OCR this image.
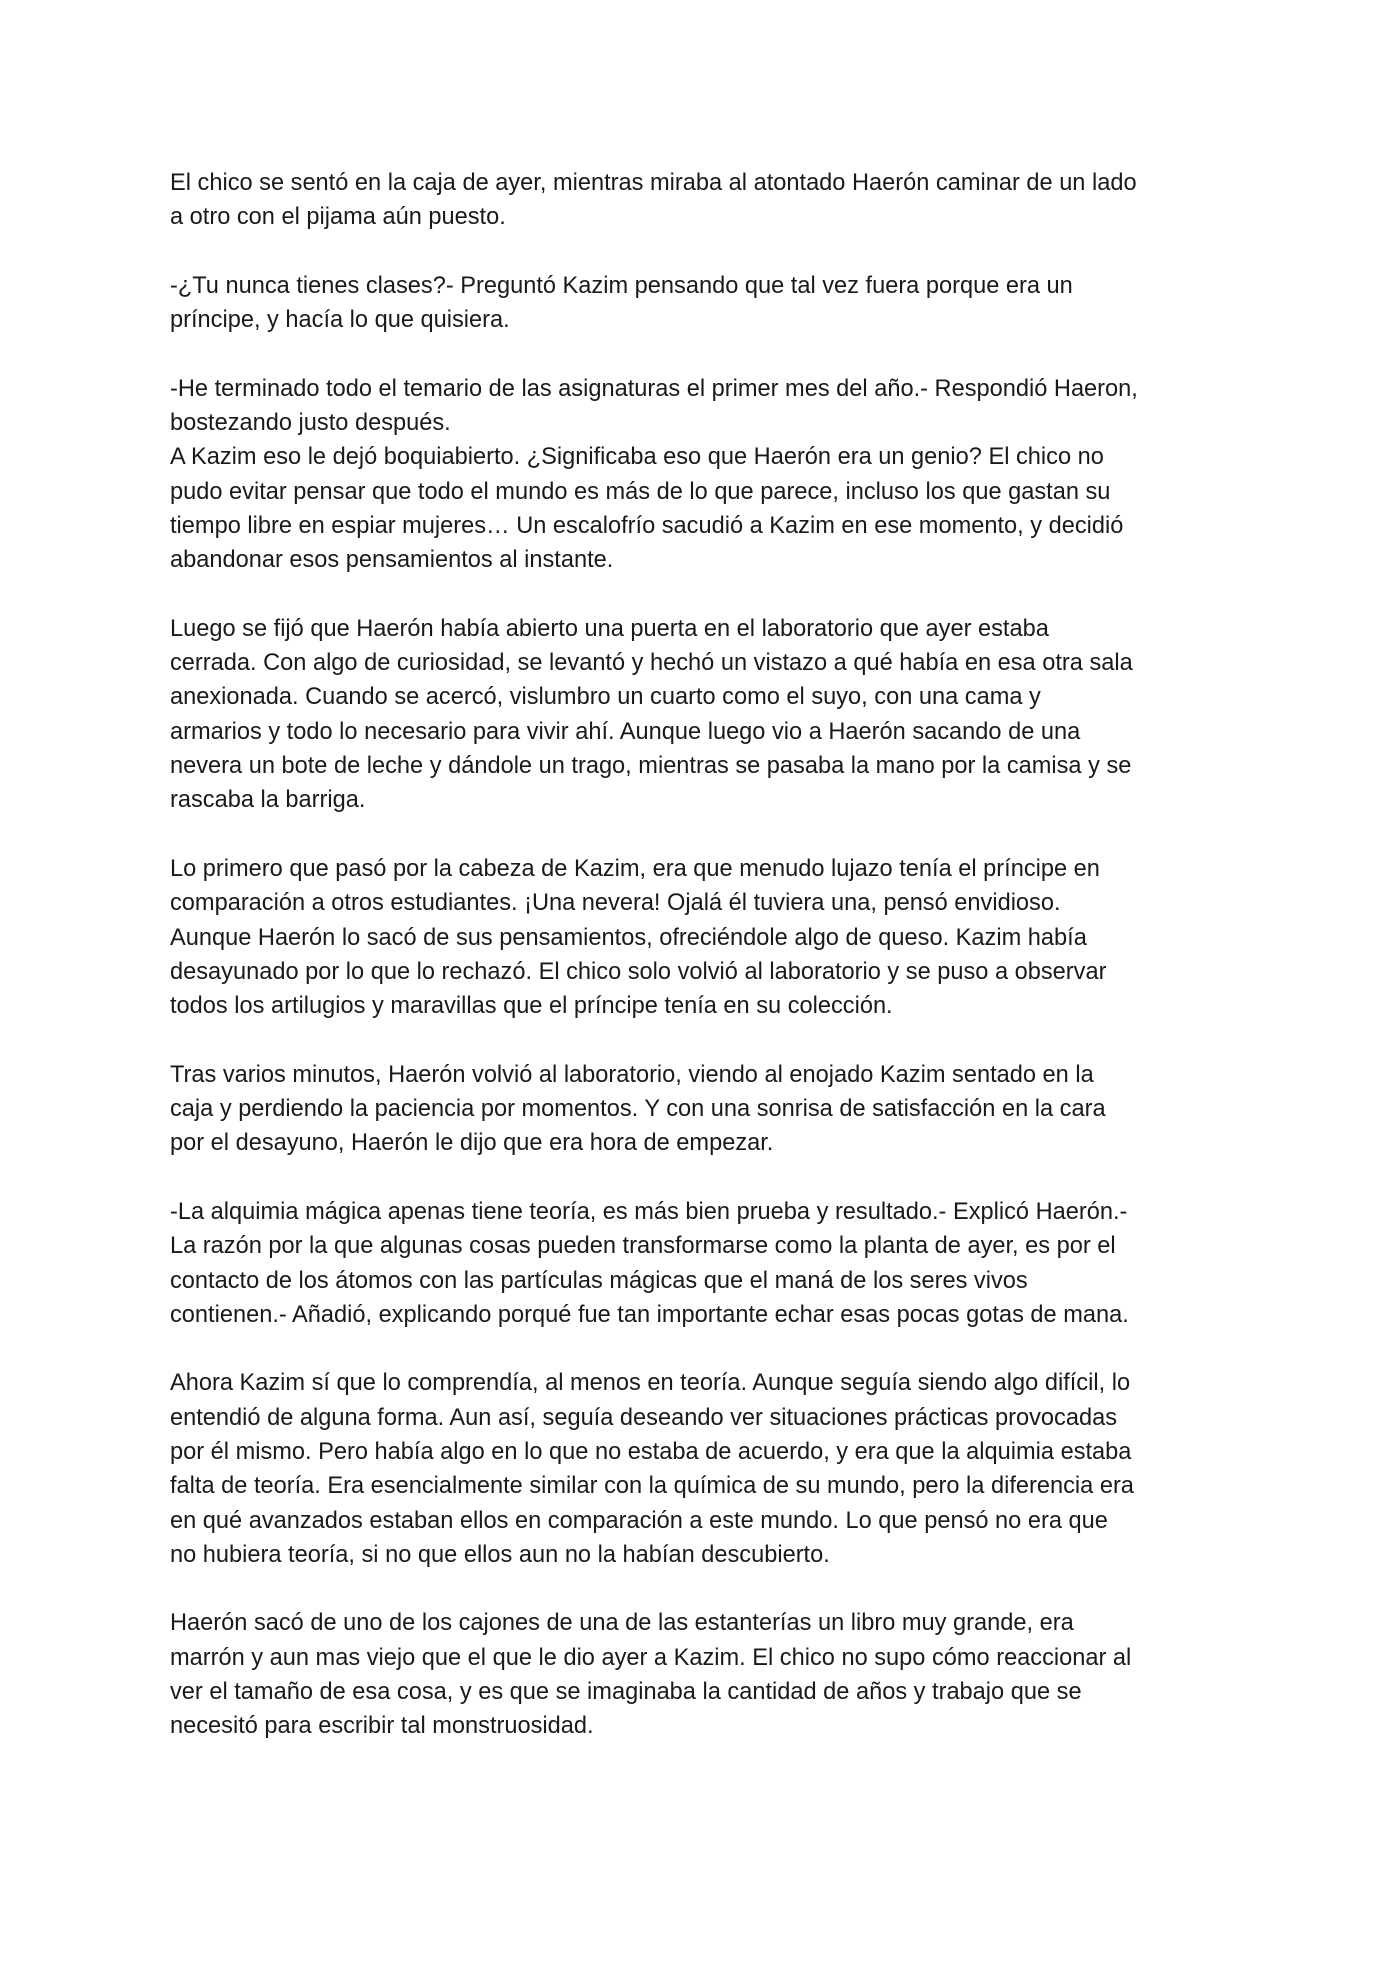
El chico se sentó en la caja de ayer, mientras miraba al atontado Haerón caminar de un lado
a otro con el pijama aún puesto.

-¿Tu nunca tienes clases?- Preguntó Kazim pensando que tal vez fuera porque era un
príncipe, y hacía lo que quisiera.

-He terminado todo el temario de las asignaturas el primer mes del año.- Respondió Haeron,
bostezando justo después.

A Kazim eso le dejó boquiabierto. ¿Significaba eso que Haerón era un genio? El chico no
pudo evitar pensar que todo el mundo es más de lo que parece, incluso los que gastan su
tiempo libre en espiar mujeres… Un escalofrío sacudió a Kazim en ese momento, y decidió
abandonar esos pensamientos al instante.

Luego se fijó que Haerón había abierto una puerta en el laboratorio que ayer estaba
cerrada. Con algo de curiosidad, se levantó y hechó un vistazo a qué había en esa otra sala
anexionada. Cuando se acercó, vislumbro un cuarto como el suyo, con una cama y
armarios y todo lo necesario para vivir ahí. Aunque luego vio a Haerón sacando de una
nevera un bote de leche y dándole un trago, mientras se pasaba la mano por la camisa y se
rascaba la barriga.

Lo primero que pasó por la cabeza de Kazim, era que menudo lujazo tenía el príncipe en
comparación a otros estudiantes. ¡Una nevera! Ojalá él tuviera una, pensó envidioso.
Aunque Haerón lo sacó de sus pensamientos, ofreciéndole algo de queso. Kazim había
desayunado por lo que lo rechazó. El chico solo volvió al laboratorio y se puso a observar
todos los artilugios y maravillas que el príncipe tenía en su colección.

Tras varios minutos, Haerón volvió al laboratorio, viendo al enojado Kazim sentado en la
caja y perdiendo la paciencia por momentos. Y con una sonrisa de satisfacción en la cara
por el desayuno, Haerón le dijo que era hora de empezar.

-La alquimia mágica apenas tiene teoría, es más bien prueba y resultado.- Explicó Haerón.-
La razón por la que algunas cosas pueden transformarse como la planta de ayer, es por el
contacto de los átomos con las partículas mágicas que el maná de los seres vivos
contienen.- Añadió, explicando porqué fue tan importante echar esas pocas gotas de mana.

Ahora Kazim sí que lo comprendía, al menos en teoría. Aunque seguía siendo algo difícil, lo
entendió de alguna forma. Aun así, seguía deseando ver situaciones prácticas provocadas
por él mismo. Pero había algo en lo que no estaba de acuerdo, y era que la alquimia estaba
falta de teoría. Era esencialmente similar con la química de su mundo, pero la diferencia era
en qué avanzados estaban ellos en comparación a este mundo. Lo que pensó no era que
no hubiera teoría, si no que ellos aun no la habían descubierto.

Haerón sacó de uno de los cajones de una de las estanterías un libro muy grande, era
marrón y aun mas viejo que el que le dio ayer a Kazim. El chico no supo cómo reaccionar al
ver el tamaño de esa cosa, y es que se imaginaba la cantidad de años y trabajo que se
necesitó para escribir tal monstruosidad.
